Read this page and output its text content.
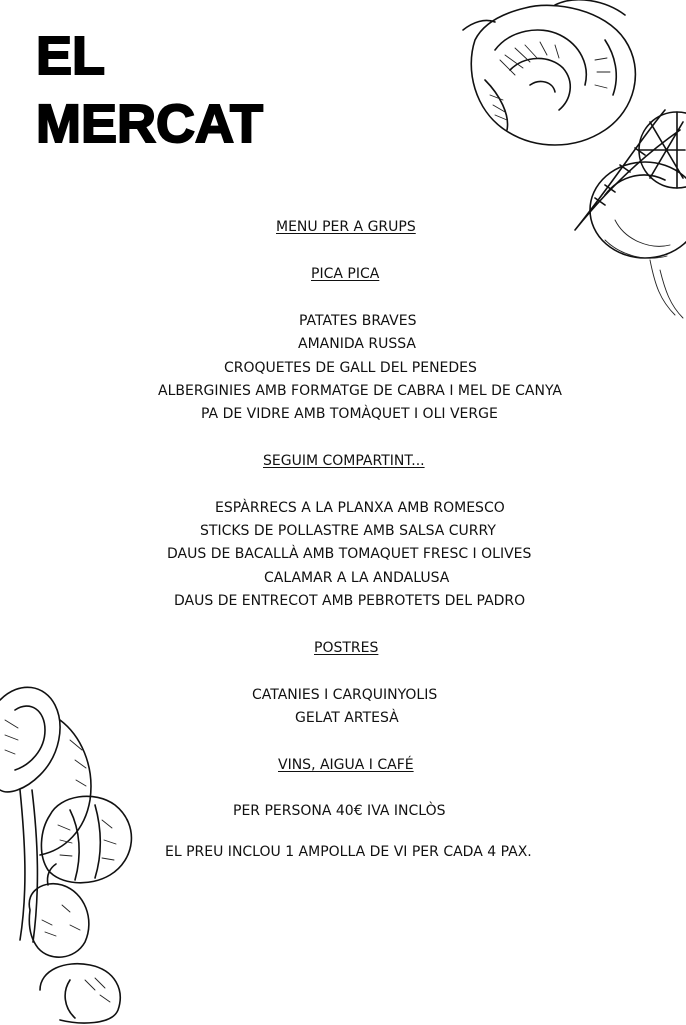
EL
MERCAT
MENU PER A GRUPS
PICA PICA
PATATES BRAVES
AMANIDA RUSSA
CROQUETES DE GALL DEL PENEDES
ALBERGINIES AMB FORMATGE DE CABRA I MEL DE CANYA
PA DE VIDRE AMB TOMÀQUET I OLI VERGE
SEGUIM COMPARTINT...
ESPÀRRECS A LA PLANXA AMB ROMESCO
STICKS DE POLLASTRE AMB SALSA CURRY
DAUS DE BACALLÀ AMB TOMAQUET FRESC I OLIVES
CALAMAR A LA ANDALUSA
DAUS DE ENTRECOT AMB PEBROTETS DEL PADRO
POSTRES
CATANIES I CARQUINYOLIS
GELAT ARTESÀ
VINS, AIGUA I CAFÉ
PER PERSONA 40€ IVA INCLÒS
EL PREU INCLOU 1 AMPOLLA DE VI PER CADA 4 PAX.
